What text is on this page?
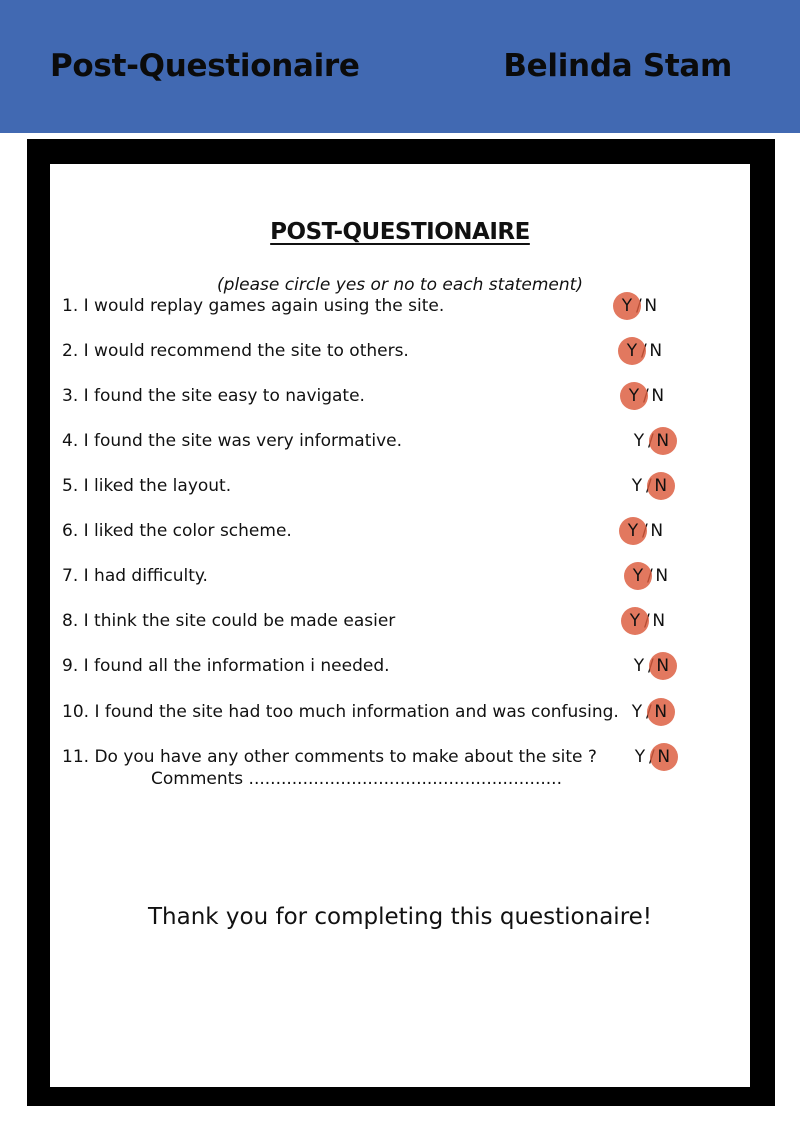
Post-Questionaire	Belinda Stam
POST-QUESTIONAIRE
(please circle yes or no to each statement)
1. I would replay games again using the site.
2. I would recommend the site to others.
3. I found the site easy to navigate.
4. I found the site was very informative.
5. I liked the layout.
6. I liked the color scheme.
7. I had difficulty.
8. I think the site could be made easier
9. I found all the information i needed.
10. I found the site had too much information and was confusing.
11. Do you have any other comments to make about the site ?
Y / N
Y / N
Y / N
Y / N
Y / N
Y / N
Y / N
Y / N
Y / N
Y / N
Y / N
Comments ..........................................................
Thank you for completing this questionaire!
